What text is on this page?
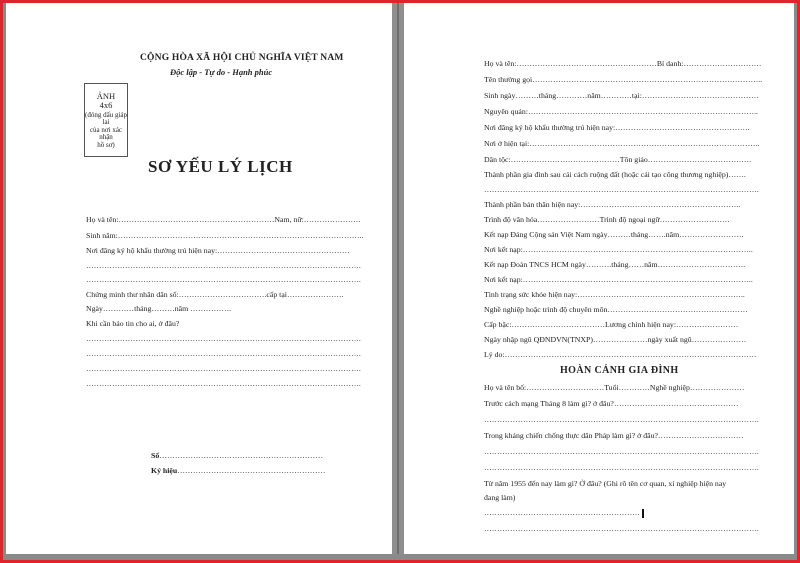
CỘNG HÒA XÃ HỘI CHỦ NGHĨA VIỆT NAM
Độc lập - Tự do - Hạnh phúc
ẢNH
4x6
(đóng dấu giáp lai
của nơi xác nhận
hồ sơ)
SƠ YẾU LÝ LỊCH
Họ và tên:……………………………………………………Nam, nữ:………………….
Sinh năm:…………………………………………………………………………………..
Nơi đăng ký hộ khẩu thường trú hiện nay:……………………………………………
…………………………………………………………………………………………….
…………………………………………………………………………………………….
Chứng minh thư nhân dân số:…………………………….cấp tại………………….
Ngày…………tháng………năm …………….
Khi cần báo tin cho ai, ở đâu?
…………………………………………………………………………………………….
…………………………………………………………………………………………….
…………………………………………………………………………………………….
…………………………………………………………………………………………….
Số………………………………………………………
Ký hiệu…………………………………………………
Họ và tên:………………………………………………Bí danh:…………………………
Tên thường gọi……………………………………………………………………………..
Sinh ngày………tháng…………năm…………tại:………………………………………
Nguyên quán:……………………………………………………………………………..
Nơi đăng ký hộ khẩu thường trú hiện nay:…………………………………………….
Nơi ở hiện tại:……………………………………………………………………………..
Dân tộc:……………………………………Tôn giáo………………………………….
Thành phần gia đình sau cải cách ruộng đất (hoặc cải tạo công thương nghiệp)…….
…………………………………………………………………………………………….
Thành phần bản thân hiện nay:……………………………………………………..
Trình độ văn hóa……………………Trình độ ngoại ngữ………………………
Kết nạp Đảng Cộng sản Việt Nam ngày………tháng…….năm…………………….
Nơi kết nạp:……………………………………………………………………………..
Kết nạp Đoàn TNCS HCM ngày……….tháng……năm…………………………….
Nơi kết nạp:……………………………………………………………………………..
Tình trạng sức khỏe hiện nay:………………………………………………………..
Nghề nghiệp hoặc trình độ chuyên môn………………………………………………
Cấp bậc:………………………………Lương chính hiện nay:……………………
Ngày nhập ngũ QĐNDVN(TNXP)…………………ngày xuất ngũ…………………
Lý do:…………………………………………………………………………………….
HOÀN CẢNH GIA ĐÌNH
Họ và tên bố:…………………………Tuổi…………Nghề nghiệp…………………
Trước cách mạng Tháng 8 làm gì? ở đâu?…………………………………………
…………………………………………………………………………………………….
Trong kháng chiến chống thực dân Pháp làm gì? ở đâu?……………………………
…………………………………………………………………………………………….
…………………………………………………………………………………………….
Từ năm 1955 đến nay làm gì? Ở đâu? (Ghi rõ tên cơ quan, xí nghiệp hiện nay
đang làm)
……………………………………………………
…………………………………………………………………………………………….
